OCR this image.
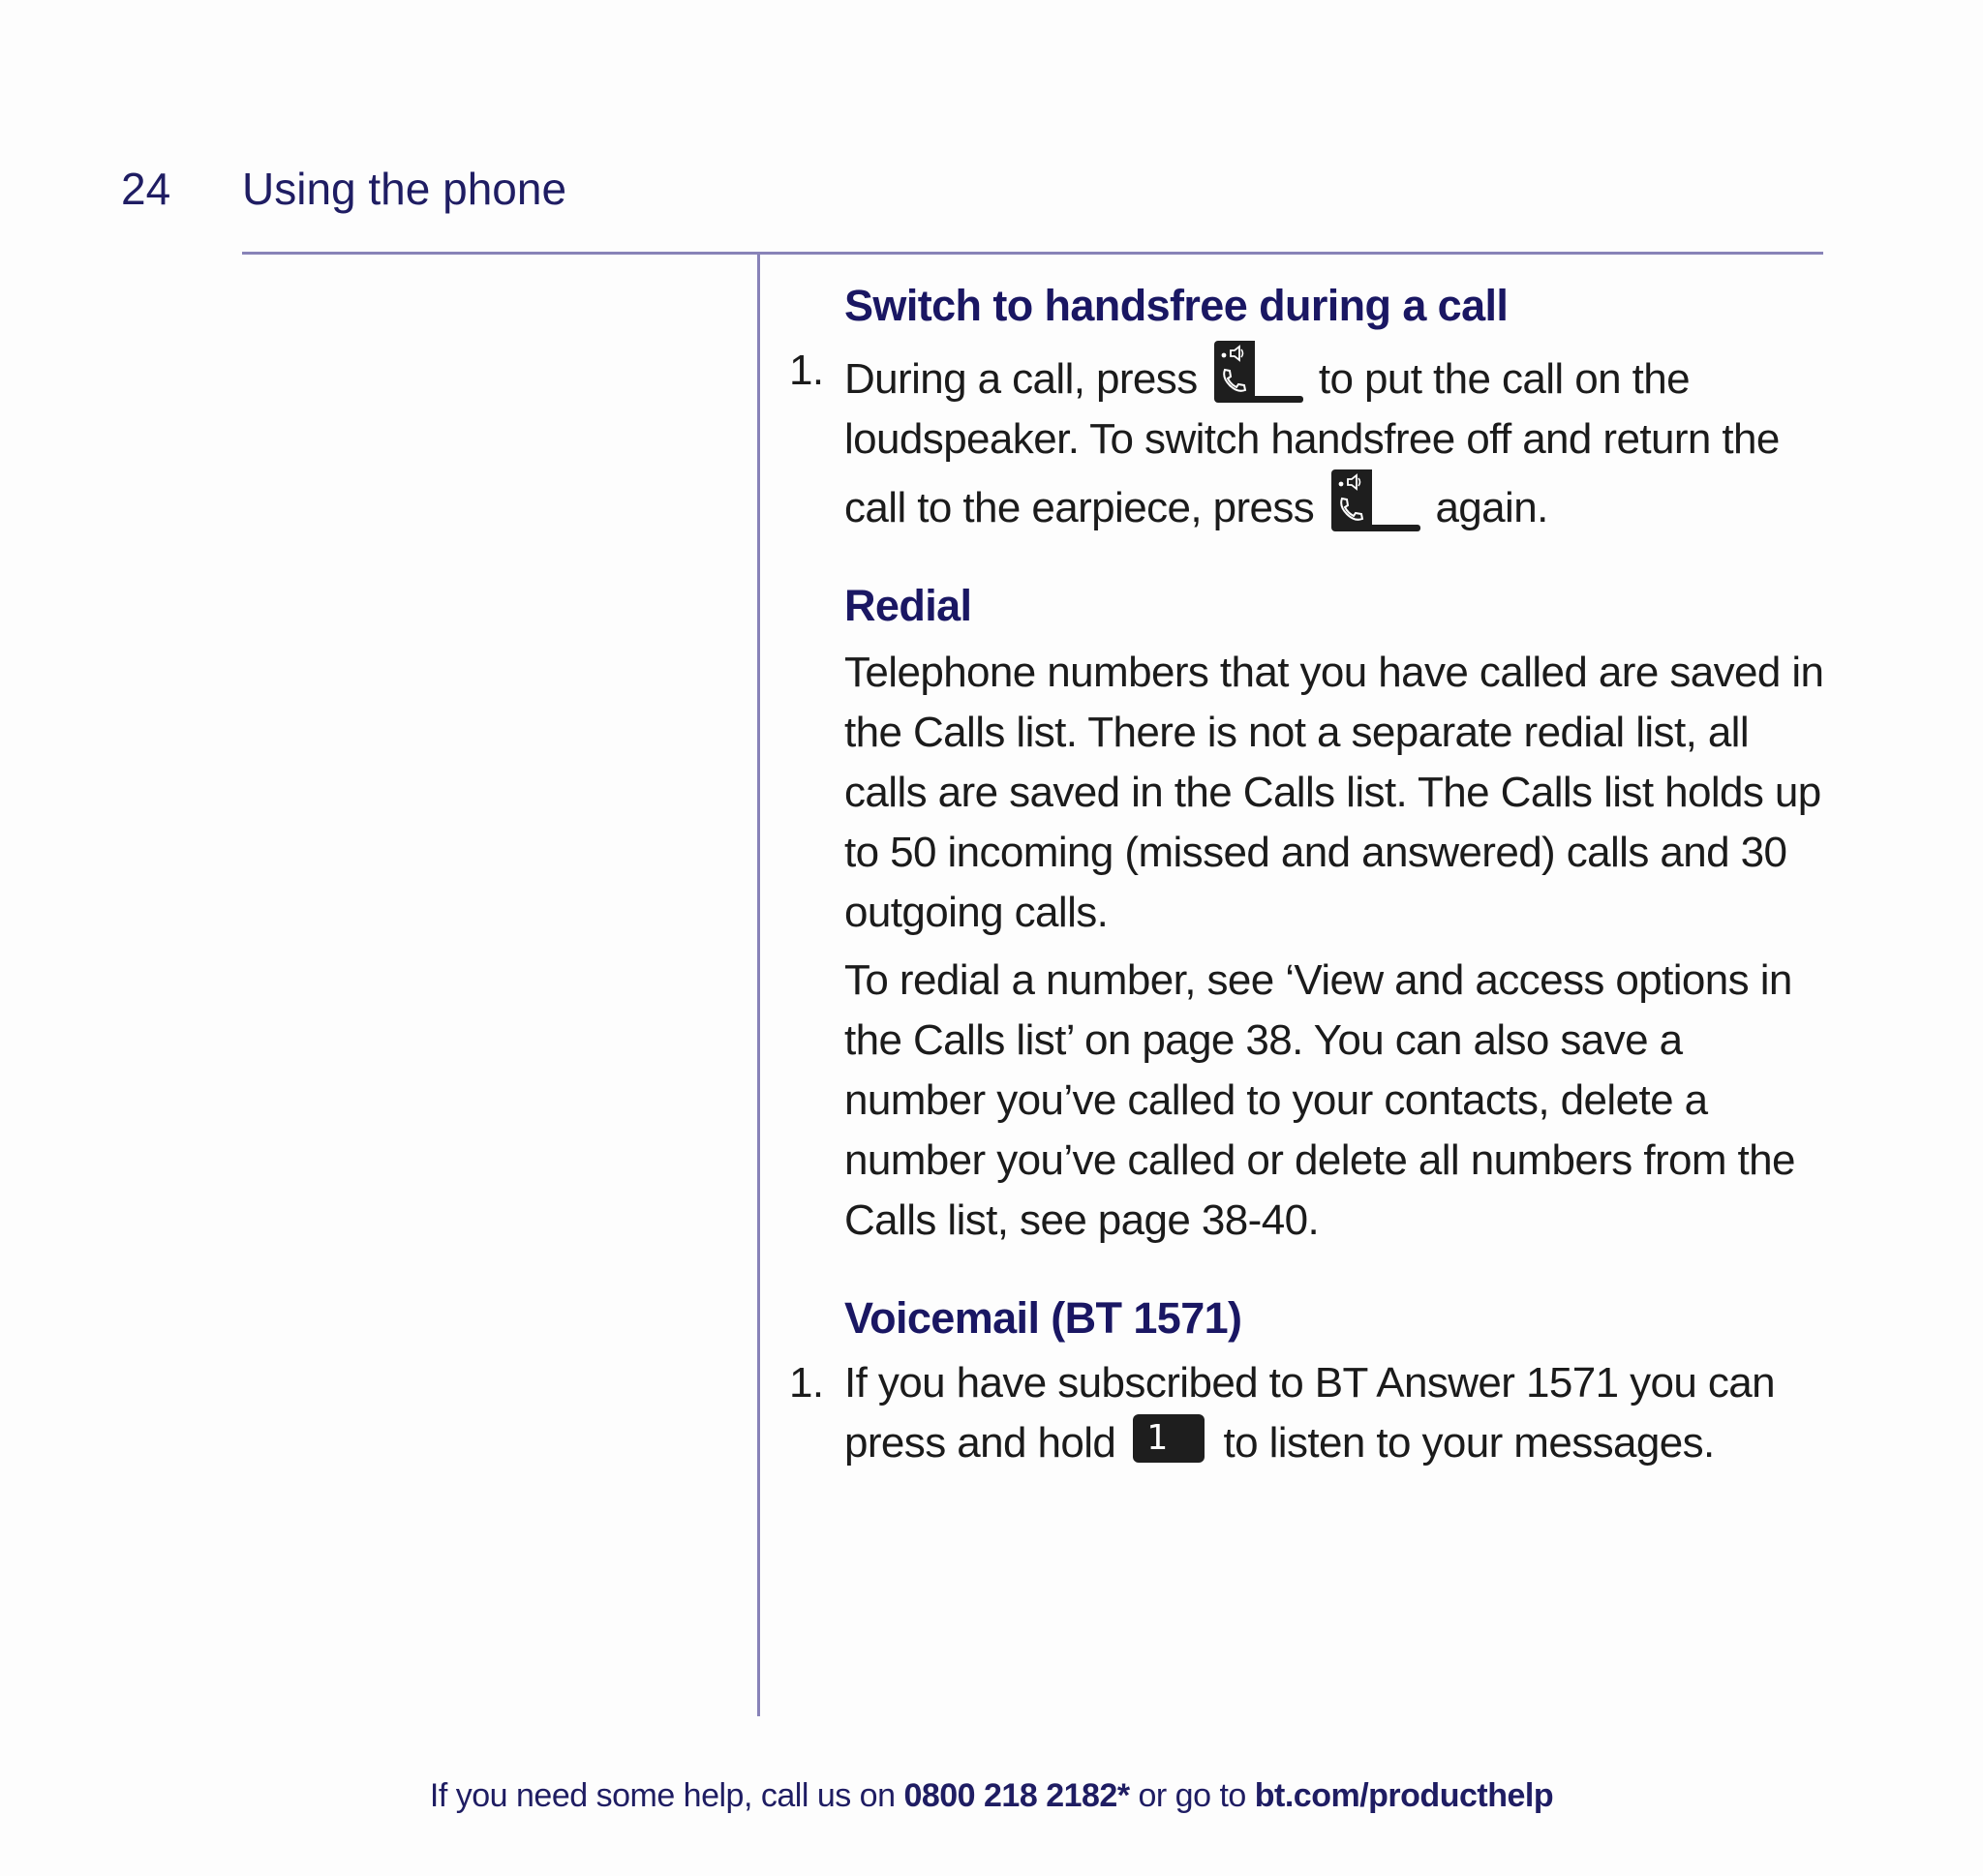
24 Using the phone
Switch to handsfree during a call
1. During a call, press	to put the call on the loudspeaker. To switch handsfree off and return the call to the earpiece, press	again.
Redial

Telephone numbers that you have called are saved in the Calls list. There is not a separate redial list, all calls are saved in the Calls list. The Calls list holds up to 50 incoming (missed and answered) calls and 30 outgoing calls.

To redial a number, see ‘View and access options in the Calls list’ on page 38. You can also save a number you’ve called to your contacts, delete a number you’ve called or delete all numbers from the Calls list, see page 38-40.

Voicemail (BT 1571)
1. If you have subscribed to BT Answer 1571 you can press and hold 1 to listen to your messages.
If you need some help, call us on 0800 218 2182* or go to bt.com/producthelp
